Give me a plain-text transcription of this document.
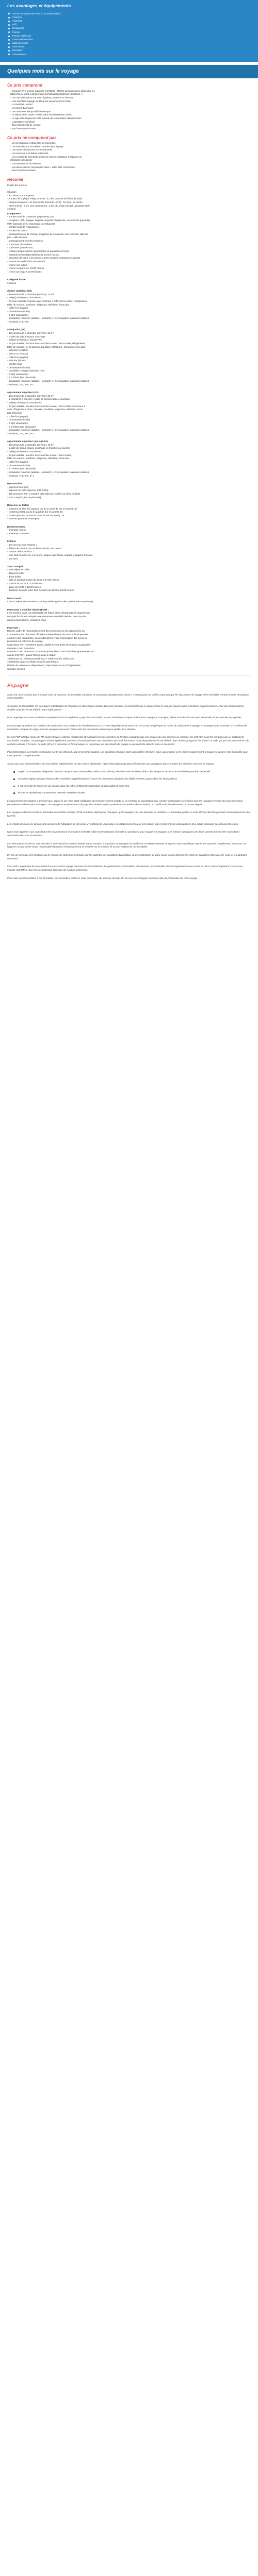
Les avantages et équipements
Vol A/R au départ de Paris (+ 16 autres villes)
Chambre
Transfert
Wifi
Restaurant
Piscine
Piscine extérieure
Centre de bien-être
Salle de fitness
Club enfant
Réception
Climatisation
Quelques mots sur le voyage
Ce prix comprend
- Garantie ETC incluse (garantie COVID19 : Offerte de l'assurance disponible ici:
https://s3.eu-west-1.amazonaws.com/travelconfig/travel-conditions...)
- Les vols aller/retour sur vols réguliers, charters ou low-cost
- Une franchise bagage de 15kg par personne (hors Italie)
- Le transfert + retour
- Les taxes d'aéroport
- Les transferts aéroport/hôtel/aéroport
- Le séjour de la durée choisie, dans l'établissement retenu
- La type d'hébergement et la formule de restauration sélectionnées
- L'assistance sur place
- Tous documents de voyage
- Sauf mention contraire
Ce prix ne comprend pas
- Les prestations et dépenses personnelles
- Les frais liés aux formalités d'entrée dans le pays
- Les repas et boissons non mentionnés
- Les services et activités optionnels
- Les excédents éventuels à bord de l'avion (utilisation d'espaces ou
d'enfants consignés)
- Les assurances facultatives
- Les éléments non mentionnés dans « votre offre comprend »
- Sauf mention contraire
Résumé
Puerto del Carmen
Situation
- au calme, sur une pente
- à 400m de la plage "Playa Grande", à 3 km, marche de l'hôtel (à pied)
- Aéroport (environ) : de l'aéroport Lanzarote (ACE) : 12,6 km, de centre
- ville Funchal : 3 km, des commerces : 3 km, du terrain de golf Lanzarote Golf :
12,6 km
Équipement
- nombre total de chambres (logements) 225
- réception : 24h, bagage, angliers, raquette / l'ampoule, une internet (payante),
WIFI (laissez), avec chanceraie du restaurant
- nombre total de restaurants 1
- nombre de bars 2
- Boutique/bureau de change, magasins de souvenirs, mini-mall, lits, salle de
jeux - salle de jeux
- aménagement extérieur terrasse
- 1 piscines disponibles
- 1 piscines (eau douce)
- chaises longues (selon disponibilité) et parasols (en bois)
- parasols (selon disponibilité) à la piscine (inclus)
- serviettes de bains à la piscine (contre caution), changement payant
- service de credit hôtel, Mastercard
- chaine non admis
- check-in à partir de: 15:00 heures
- check-out jusqu'à 12:00 heures
Catégorie locale
3 étoiles
double supérieur (SS)
- dimensions de la chambre (environ): 23 m²
- salle(s) de bains ou douche WC
- TV avec satellite, mouche avec machine à café, micro-ondes, réfrigérateur,
table de cuisson, bouilloire, téléphone, télévision écran plat
- coffre-fort (payant)
- climatisation (inclus)
- 2 lit(s) individuel(s)
- occupation minimum (adultes + enfants): 1+0; occupation maximum (adultes
+ enfants): 2+1, 2+0
suite junior (FE)
- dimensions de la chambre (environ): 32 m²
- 1 salle de séjour espace couchage
- salle(s) de bains ou douche WC
- TV par satellite, mouche avec machine à café, micro-ondes, réfrigérateur,
table de cuisson, fer et planche, bouilloire, téléphone, télévision écran plat
- table/sur réception
- balcon ou terrasse
- coffre-fort (payant)
- mini-bar (inclus)
- nombre total
- climatisation (inclus)
- possibilité d'usage individuel, (FR)
- 2 lit(s) individuel(s)
- lit d'enfant (sur demande)
- occupation minimum (adultes + enfants): 1+0; occupation maximum (adultes
+ enfants): 2+2, 3+0, 3+1
appartement supérieur (AS)
- dimensions de la chambre (environ): 32 m²
- 1 chambres à coucher, 1 salle de séjour/espace couchage
- salle(s) de bains ou douche WC
- TV par satellite, mouche avec machine à café, micro-ondes, ascenseur à
café, réfrigérateur, dîner, chemise, bouilloire, téléphone, télévision écran
plat, télévision
- coffre-fort (payant)
- climatisation (inclus)
- 2 lit(s) individuel(s)
- lit d'enfant (sur demande)
- occupation minimum (adultes + enfants): 1+0; occupation maximum (adultes
+ enfants): 2+2, 3+0, 3+1
appartement supérieur type A (AEA)
- dimensions de la chambre (environ): 46 m²
- 1 salle de séjour espace couchage, 2 chambres à coucher
- salle(s) de bains ou douche WC
- TV par satellite, mouche avec machine à café, micro-ondes,
table de cuisson, bouilloire, téléphone, télévision écran plat
- coffre-fort (payant)
- climatisation (inclus)
- lit d'enfant (sur demande)
- occupation minimum (adultes + enfants): 1+0; occupation maximum (adultes
+ enfants): 4+1, 5+0, 3+1
Restauration :
- logement seul (LS)
- logement et petit-déjeuner (PD buffet)
- demi-pension (PD, y compris petit-déjeuner (buffet) et dîner (buffet))
- Tout compris (à la de plus bas)
Boissons au forfait
- boissons de bien (fin payant) (au du le quart de bar en avant): 18
- Nombreux (les) (au du le quart de bar en avant): 18
- soutien (inclus), au soin le quart de bar en avant): 18
- services (payant): massages
Divertissements
- animation diurne
- animation nocturne
Enfants
- aire de jeux pour enfants: 1
- délivre de bercins pour enfants: terrain, sea douce
- service clinics et deux: 1
- mini-club horaires de 4 à 12 ans, langue: allemande, anglais, espagnol, français
- pas écrit
Sport compris
- petit-déjeuner buffet
- déjeuner buffet
- dîner buffet
- salle et piscine/houses de 16:00 à 17:00 heures
- snacks de 10:30 à 12:00 heures
- glace de 10:30 à 18:30 heures
- Boissons selon la carte Tout Compris de 10:00 à 23:00 heures
Bon à savoir
Chacun séjour de chambres sont disponibles (prix et des options selon systèmes).
Personnes à mobilité réduite (PMR) :
Il est mention dans nos descriptifs, les hôtels et les infrastructures proposés ne
sont pas forcément adaptés aux personnes à mobilité réduite. Pour de plus
amples informations, contactez-nous.
Important :
Dans le cadre de l'accomplissement des restrictions et circulation liées au
Coronavirus, les directives officielles indépendantes de notre volonté peuvent
entraîner des contraintes, des modifications, voire l'interruption des services
proposés sur votre lieu de voyage.
Cependant, rien n'empêche pas la validité de vos droits de retenus et garanties
Garantie Covid Protection:
Garantie Covid Protection: (Garantie optionnelle COVID19 incluse gratuitement en
cas de test PCR, quand l'hôtel) avant le départ
10/04/2023 et 10/06/2022/Initial Sud + initial avant le 29/03 pour
15/03/2023 (avec un départ avant le 10/10/2022)
Détails de l'assurance disponible ici: https://www.eb-ne.ch/c/garanties-
speciale-covid19
Espagne

Suite à la crise sanitaire que le monde vient de traverser, les formalités sanitaires se sont assez drastiquement durcies. Il est opportun de vérifier avant tout que les documents de voyage et les formalités d'entrée à votre destination sont complètes.

A compter du 25/10/2022, les passagers à destination de l'Espagne ne doivent plus justifier d'un pass sanitaire. Il est possible que le déplacement ne soit pas soumis à des restrictions supplémentaires. Pour plus d'informations veuillez consulter le site officiel : https://spth.gob.es/

Pour rappel pour les pass sanitaires européens (Union Européenne + pays tiers associés) : le pass sanitaire est toujours valide pour voyager en Espagne, même si ce dernier n'est plus demandé par les autorités espagnoles.

Les passagers justifiant d'un certificat de vaccination, d'un certificat de rétablissement ou d'un test négatif (PCR de moins de 72h ou test antigénique de moins de 24h) peuvent voyager en Espagne sans restriction. Le certificat de vaccination complet est exigé, mais les voyageurs peuvent choisir entre les documents suivants pour justifier leur situation.

Un test PCR effectué moins de 72h avant l'arrivée et dont le résultat doit être négatif est exigé à l'entrée du territoire espagnol pour une arrivée par voie aérienne ou maritime. Ce test PCR peut être remplacé par un certificat de vaccination complète. Les passagers doivent également présenter à l'embarquement une déclaration de santé (formulaire FCS) disponible sur le site officiel : https://www.spth.gob.es/ et obtenir un code QR qui sera présenté lors du contrôle sanitaire à l'arrivée. Ce code QR est à présenter en format papier ou numérique, les documents de voyage ne pouvant être délivrés sans ce document.

Plus d'information sur l'entrée en Espagne sur le site officiel du gouvernement espagnol. Les conditions d'entrée étant susceptibles d'évoluer, nous vous invitons à les vérifier régulièrement. L'équipe de ventes reste disponible pour toute question complémentaire.

Aussi nous vous recommandons de vous référer régulièrement au site France Diplomatie : https://www.diplomatie.gouv.fr/fr/conseils-aux-voyageurs/ pour connaître les dernières mesures en vigueur.

Le port du masque est obligatoire dans les transports en commun (bus, métro, train, avions), ainsi que dans les lieux publics clos lorsque la distance de sécurité ne peut être respectée.
Certaines régions peuvent imposer des restrictions supplémentaires (couvre-feu, fermeture anticipée des établissements, jauges dans les lieux publics).
Il est conseillé de conserver sur soi une copie de votre certificat de vaccination ou du résultat de votre test.
En cas de symptômes, contactez les autorités sanitaires locales.

Le gouvernement espagnol a annoncé que, depuis le 1er mars 2023, l'obligation de présenter un test négatif ou un certificat de vaccination pour voyager en Espagne a été levée pour les voyageurs venant des pays de l'Union européenne et de l'espace Schengen. Les voyageurs en provenance de pays tiers doivent toujours présenter un certificat de vaccination, un certificat de rétablissement ou un test négatif.

Les voyageurs doivent remplir un formulaire de contrôle sanitaire (FCS) avant leur départ pour l'Espagne, qu'ils voyagent par voie aérienne ou maritime. Le formulaire génère un code QR qui doit être présenté à l'embarquement et à l'arrivée.

Les enfants de moins de 12 ans sont exemptés de l'obligation de présenter un certificat de vaccination, de rétablissement ou un test négatif, mais ils doivent être accompagnés d'un adulte disposant des documents requis.

Nous vous rappelons que vous devez être en possession d'une pièce d'identité valide (carte nationale d'identité ou passeport) pour voyager en Espagne. Les mineurs voyageant sans leurs parents doivent être munis d'une autorisation de sortie du territoire.

Les informations ci-dessus sont données à titre indicatif et peuvent évoluer à tout moment. Il appartient au voyageur de vérifier les conditions d'entrée en vigueur avant son départ auprès des autorités compétentes. En aucun cas l'agence ne pourra être tenue responsable d'un refus d'embarquement ou d'entrée sur le territoire lié au non-respect de ces formalités.

En cas de fermeture des frontières ou de mesure de confinement décidée par les autorités, les conditions d'annulation ou de modification de votre séjour seront déterminées selon les conditions générales de vente et les garanties souscrites.

Il est enfin rappelé que la souscription d'une assurance voyage couvrant les frais médicaux, le rapatriement et l'annulation est vivement recommandée. Pensez également à vous munir de votre Carte Européenne d'Assurance Maladie (CEAM) si vous êtes ressortissant d'un pays de l'Union européenne.

Pour toute question relative à ces formalités, nos conseillers restent à votre disposition, du lundi au samedi, afin de vous accompagner au mieux dans la préparation de votre voyage.
